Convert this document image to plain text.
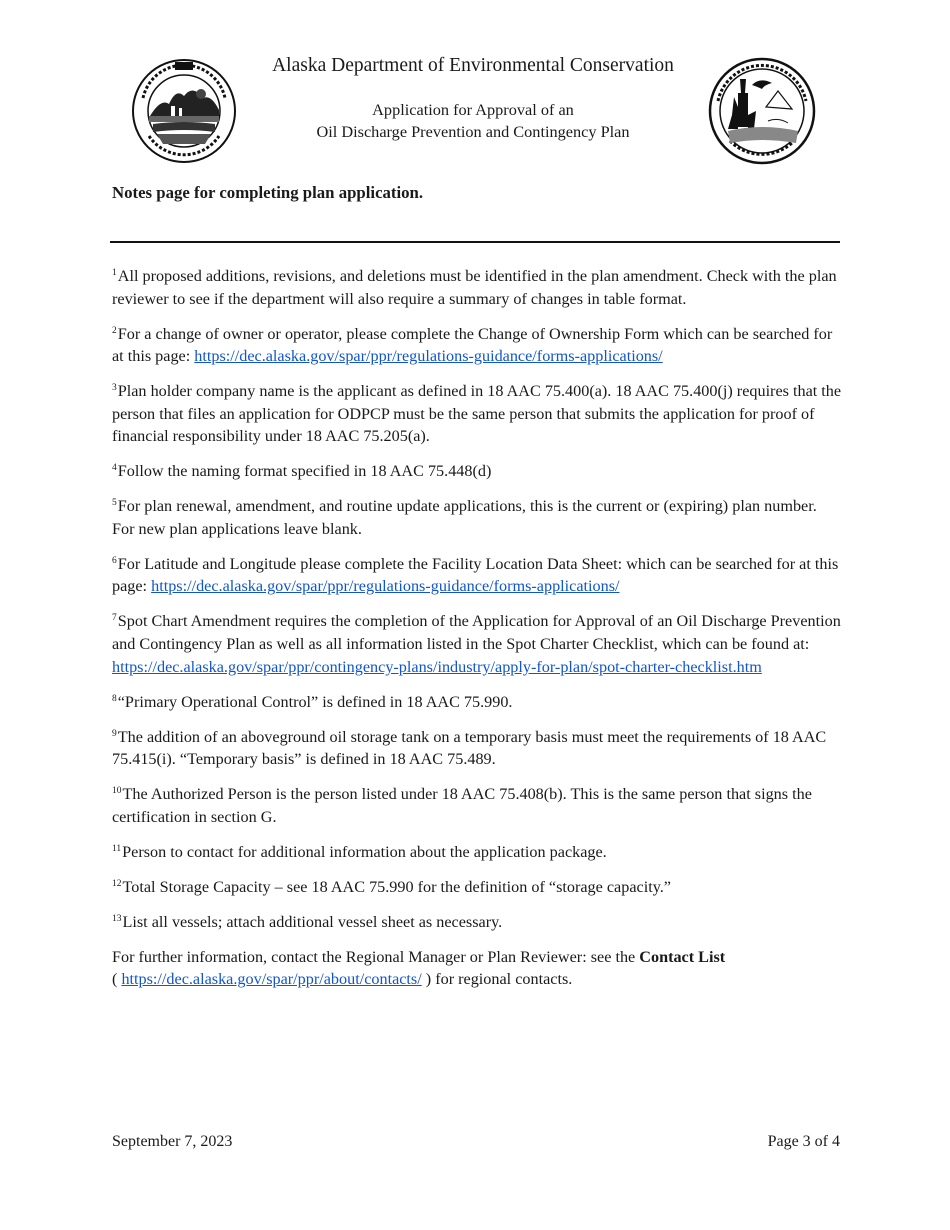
Alaska Department of Environmental Conservation
Application for Approval of an
Oil Discharge Prevention and Contingency Plan
Notes page for completing plan application.

$^1$All proposed additions, revisions, and deletions must be identified in the plan amendment. Check with the plan reviewer to see if the department will also require a summary of changes in table format.

$^2$For a change of owner or operator, please complete the Change of Ownership Form which can be searched for at this page: https://dec.alaska.gov/spar/ppr/regulations-guidance/forms-applications/

$^3$Plan holder company name is the applicant as defined in 18 AAC 75.400(a). 18 AAC 75.400(j) requires that the person that files an application for ODPCP must be the same person that submits the application for proof of financial responsibility under 18 AAC 75.205(a).

$^4$Follow the naming format specified in 18 AAC 75.448(d)

$^5$For plan renewal, amendment, and routine update applications, this is the current or (expiring) plan number. For new plan applications leave blank.

$^6$For Latitude and Longitude please complete the Facility Location Data Sheet: which can be searched for at this page: https://dec.alaska.gov/spar/ppr/regulations-guidance/forms-applications/

$^7$Spot Chart Amendment requires the completion of the Application for Approval of an Oil Discharge Prevention and Contingency Plan as well as all information listed in the Spot Charter Checklist, which can be found at: https://dec.alaska.gov/spar/ppr/contingency-plans/industry/apply-for-plan/spot-charter-checklist.htm

$^8$“Primary Operational Control” is defined in 18 AAC 75.990.

$^9$The addition of an aboveground oil storage tank on a temporary basis must meet the requirements of 18 AAC 75.415(i). “Temporary basis” is defined in 18 AAC 75.489.

$^{10}$The Authorized Person is the person listed under 18 AAC 75.408(b). This is the same person that signs the certification in section G.

$^{11}$Person to contact for additional information about the application package.

$^{12}$Total Storage Capacity – see 18 AAC 75.990 for the definition of “storage capacity.”

$^{13}$List all vessels; attach additional vessel sheet as necessary.

For further information, contact the Regional Manager or Plan Reviewer: see the Contact List
( https://dec.alaska.gov/spar/ppr/about/contacts/ ) for regional contacts.

September 7, 2023	Page 3 of 4
